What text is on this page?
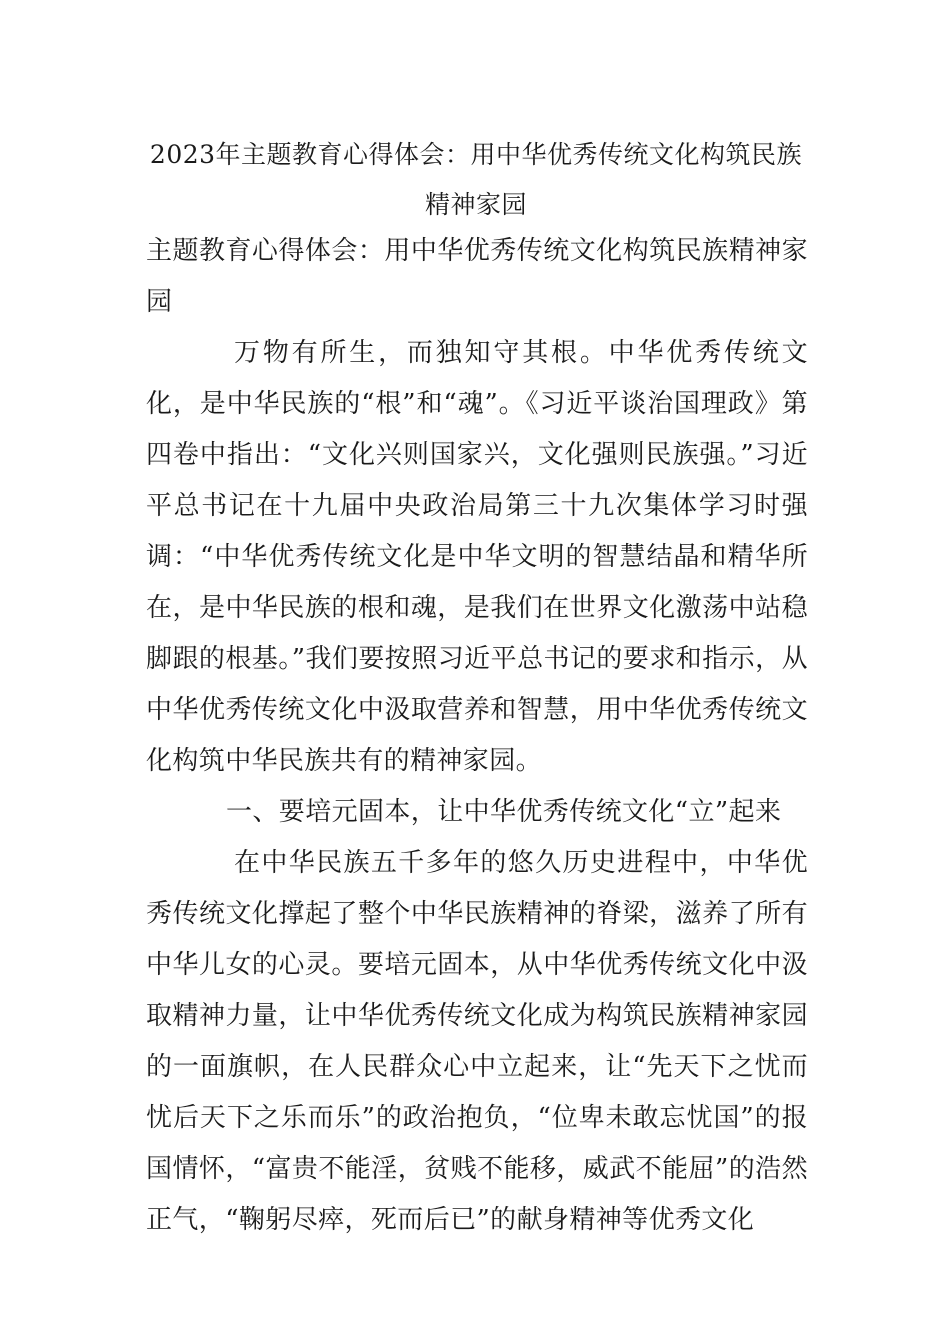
2023年主题教育心得体会：用中华优秀传统文化构筑民族精神家园

主题教育心得体会：用中华优秀传统文化构筑民族精神家园

万物有所生，而独知守其根。中华优秀传统文化，是中华民族的“根”和“魂”。《习近平谈治国理政》第四卷中指出：“文化兴则国家兴，文化强则民族强。”习近平总书记在十九届中央政治局第三十九次集体学习时强调：“中华优秀传统文化是中华文明的智慧结晶和精华所在，是中华民族的根和魂，是我们在世界文化激荡中站稳脚跟的根基。”我们要按照习近平总书记的要求和指示，从中华优秀传统文化中汲取营养和智慧，用中华优秀传统文化构筑中华民族共有的精神家园。

一、要培元固本，让中华优秀传统文化“立”起来

在中华民族五千多年的悠久历史进程中，中华优秀传统文化撑起了整个中华民族精神的脊梁，滋养了所有中华儿女的心灵。要培元固本，从中华优秀传统文化中汲取精神力量，让中华优秀传统文化成为构筑民族精神家园的一面旗帜，在人民群众心中立起来，让“先天下之忧而忧后天下之乐而乐”的政治抱负，“位卑未敢忘忧国”的报国情怀，“富贵不能淫，贫贱不能移，威武不能屈”的浩然正气，“鞠躬尽瘁，死而后已”的献身精神等优秀文化
